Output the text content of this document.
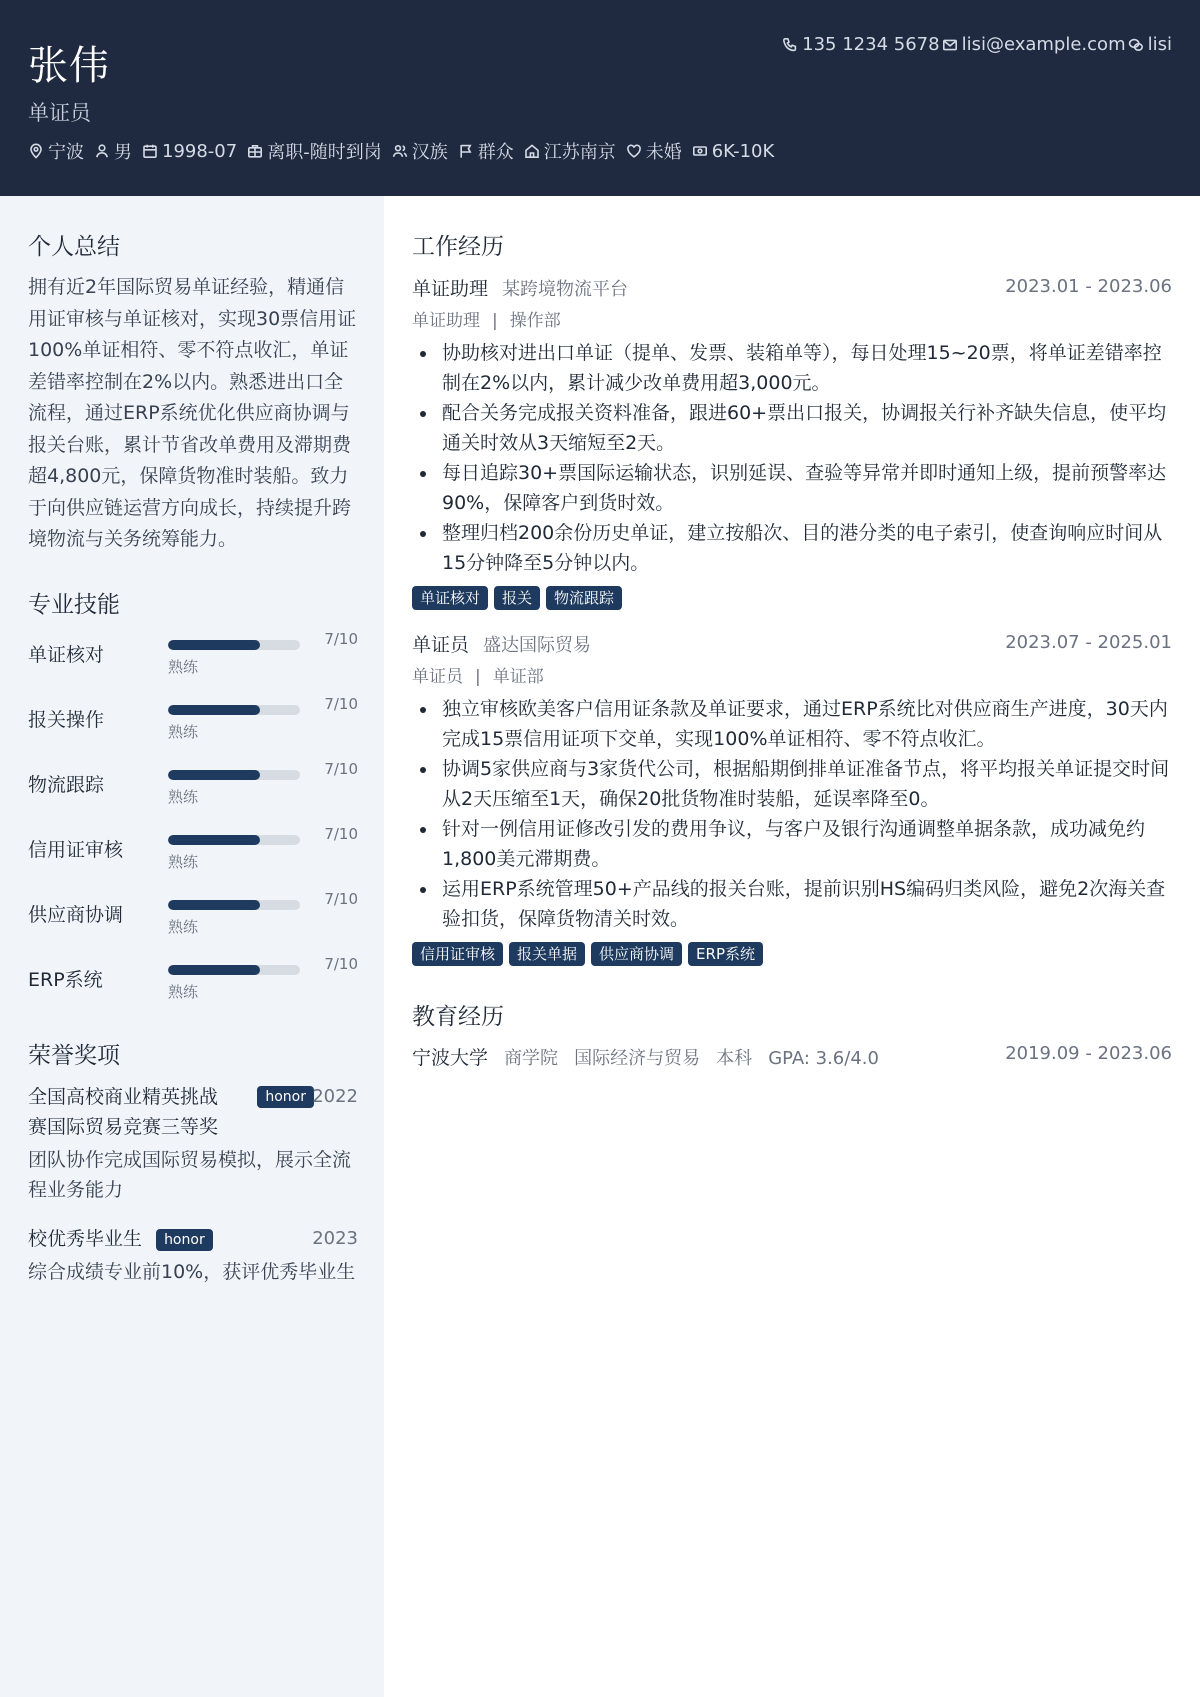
张伟
单证员
宁波 男 1998-07 离职-随时到岗 汉族 群众 江苏南京 未婚 6K-10K
135 1234 5678 lisi@example.com lisi
个人总结
拥有近2年国际贸易单证经验，精通信用证审核与单证核对，实现30票信用证100%单证相符、零不符点收汇，单证差错率控制在2%以内。熟悉进出口全流程，通过ERP系统优化供应商协调与报关台账，累计节省改单费用及滞期费超4,800元，保障货物准时装船。致力于向供应链运营方向成长，持续提升跨境物流与关务统筹能力。
专业技能
单证核对
7/10
熟练
报关操作
7/10
熟练
物流跟踪
7/10
熟练
信用证审核
7/10
熟练
供应商协调
7/10
熟练
ERP系统
7/10
熟练
荣誉奖项
全国高校商业精英挑战	honor 2022
赛国际贸易竞赛三等奖
团队协作完成国际贸易模拟，展示全流程业务能力
校优秀毕业生 honor	2023
综合成绩专业前10%，获评优秀毕业生
工作经历
单证助理 某跨境物流平台	2023.01 - 2023.06
单证助理 | 操作部
协助核对进出口单证（提单、发票、装箱单等），每日处理15~20票，将单证差错率控制在2%以内，累计减少改单费用超3,000元。
配合关务完成报关资料准备，跟进60+票出口报关，协调报关行补齐缺失信息，使平均通关时效从3天缩短至2天。
每日追踪30+票国际运输状态，识别延误、查验等异常并即时通知上级，提前预警率达90%，保障客户到货时效。
整理归档200余份历史单证，建立按船次、目的港分类的电子索引，使查询响应时间从15分钟降至5分钟以内。
单证核对	报关	物流跟踪
单证员 盛达国际贸易	2023.07 - 2025.01
单证员 | 单证部
独立审核欧美客户信用证条款及单证要求，通过ERP系统比对供应商生产进度，30天内完成15票信用证项下交单，实现100%单证相符、零不符点收汇。
协调5家供应商与3家货代公司，根据船期倒排单证准备节点，将平均报关单证提交时间从2天压缩至1天，确保20批货物准时装船，延误率降至0。
针对一例信用证修改引发的费用争议，与客户及银行沟通调整单据条款，成功减免约1,800美元滞期费。
运用ERP系统管理50+产品线的报关台账，提前识别HS编码归类风险，避免2次海关查验扣货，保障货物清关时效。
信用证审核	报关单据	供应商协调	ERP系统
教育经历
宁波大学 商学院 国际经济与贸易 本科 GPA: 3.6/4.0	2019.09 - 2023.06
